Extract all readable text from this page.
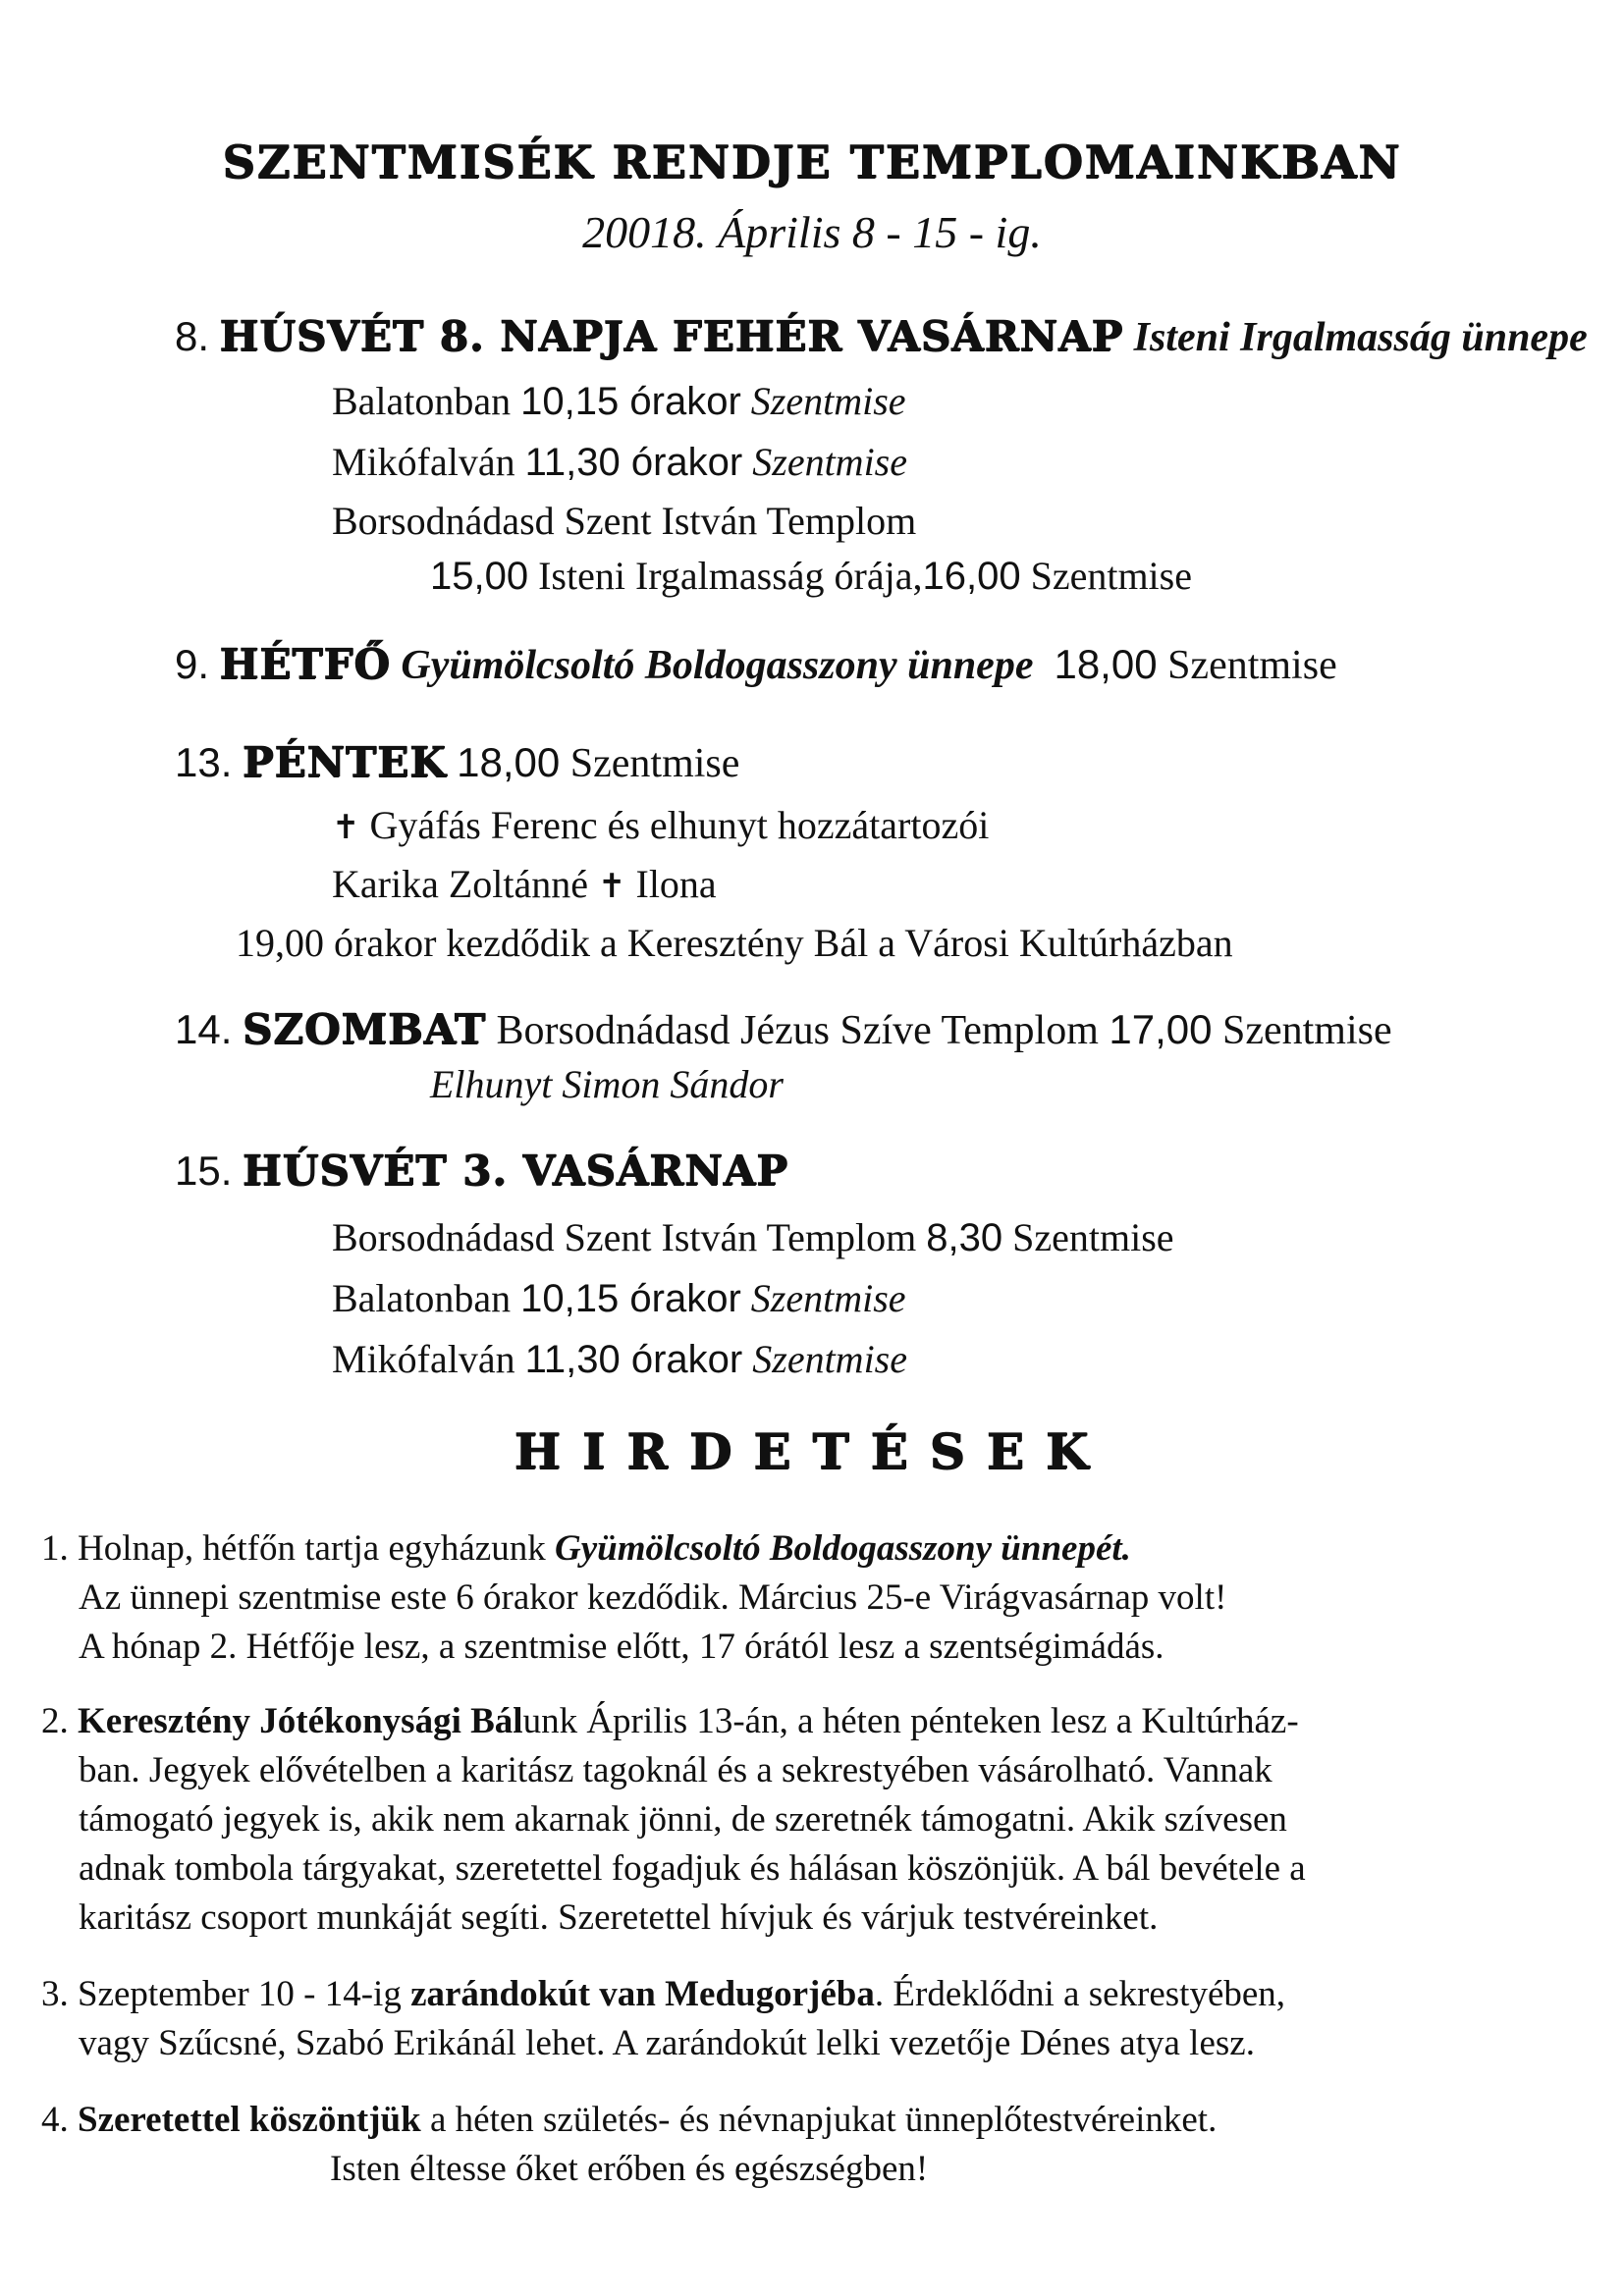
SZENTMISÉK RENDJE TEMPLOMAINKBAN
20018. Április 8 - 15 - ig.
8. HÚSVÉT 8. NAPJA FEHÉR VASÁRNAP Isteni Irgalmasság ünnepe
Balatonban 10,15 órakor Szentmise
Mikófalván 11,30 órakor Szentmise
Borsodnádasd Szent István Templom
15,00 Isteni Irgalmasság órája,16,00 Szentmise
9. HÉTFŐ Gyümölcsoltó Boldogasszony ünnepe 18,00 Szentmise
13. PÉNTEK 18,00 Szentmise
✝ Gyáfás Ferenc és elhunyt hozzátartozói
Karika Zoltánné ✝ Ilona
19,00 órakor kezdődik a Keresztény Bál a Városi Kultúrházban
14. SZOMBAT Borsodnádasd Jézus Szíve Templom 17,00 Szentmise
Elhunyt Simon Sándor
15. HÚSVÉT 3. VASÁRNAP
Borsodnádasd Szent István Templom 8,30 Szentmise
Balatonban 10,15 órakor Szentmise
Mikófalván 11,30 órakor Szentmise
HIRDETÉSEK
1. Holnap, hétfőn tartja egyházunk Gyümölcsoltó Boldogasszony ünnepét.
Az ünnepi szentmise este 6 órakor kezdődik. Március 25-e Virágvasárnap volt!
A hónap 2. Hétfője lesz, a szentmise előtt, 17 órától lesz a szentségimádás.
2. Keresztény Jótékonysági Bálunk Április 13-án, a héten pénteken lesz a Kultúrház-
ban. Jegyek elővételben a karitász tagoknál és a sekrestyében vásárolható. Vannak
támogató jegyek is, akik nem akarnak jönni, de szeretnék támogatni. Akik szívesen
adnak tombola tárgyakat, szeretettel fogadjuk és hálásan köszönjük. A bál bevétele a
karitász csoport munkáját segíti. Szeretettel hívjuk és várjuk testvéreinket.
3. Szeptember 10 - 14-ig zarándokút van Medugorjéba. Érdeklődni a sekrestyében,
vagy Szűcsné, Szabó Erikánál lehet. A zarándokút lelki vezetője Dénes atya lesz.
4. Szeretettel köszöntjük a héten születés- és névnapjukat ünneplőtestvéreinket.
Isten éltesse őket erőben és egészségben!
